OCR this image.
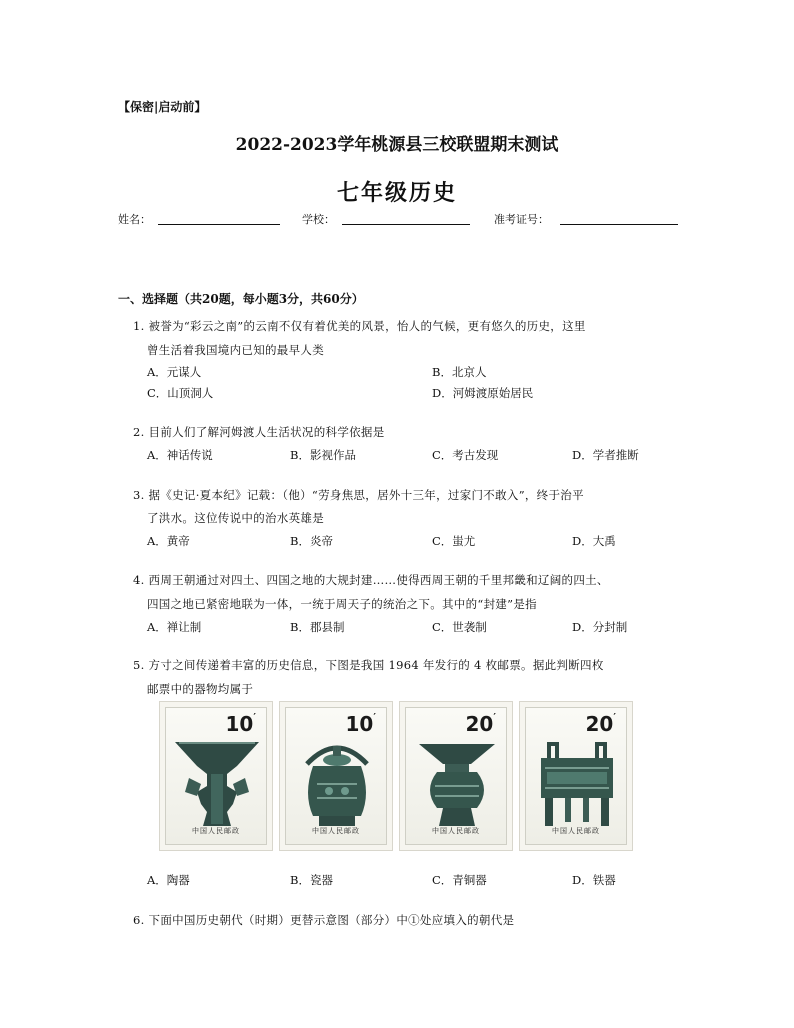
【保密|启动前】
2022-2023学年桃源县三校联盟期末测试
七年级历史
姓名：	学校：	准考证号：
一、选择题（共20题，每小题3分，共60分）
1. 被誉为“彩云之南”的云南不仅有着优美的风景，怡人的气候，更有悠久的历史，这里
曾生活着我国境内已知的最早人类
A．元谋人	B．北京人
C．山顶洞人	D．河姆渡原始居民
2. 目前人们了解河姆渡人生活状况的科学依据是
A．神话传说	B．影视作品	C．考古发现	D．学者推断
3. 据《史记·夏本纪》记载：（他）“劳身焦思，居外十三年，过家门不敢入”，终于治平
了洪水。这位传说中的治水英雄是
A．黄帝	B．炎帝	C．蚩尤	D．大禹
4. 西周王朝通过对四土、四国之地的大规封建……使得西周王朝的千里邦畿和辽阔的四土、
四国之地已紧密地联为一体，一统于周天子的统治之下。其中的“封建”是指
A．禅让制	B．郡县制	C．世袭制	D．分封制
5. 方寸之间传递着丰富的历史信息，下图是我国 1964 年发行的 4 枚邮票。据此判断四枚
邮票中的器物均属于
10′
中国人民邮政
10′
中国人民邮政
20′
中国人民邮政
20′
中国人民邮政
A．陶器	B．瓷器	C．青铜器	D．铁器
6. 下面中国历史朝代（时期）更替示意图（部分）中①处应填入的朝代是
